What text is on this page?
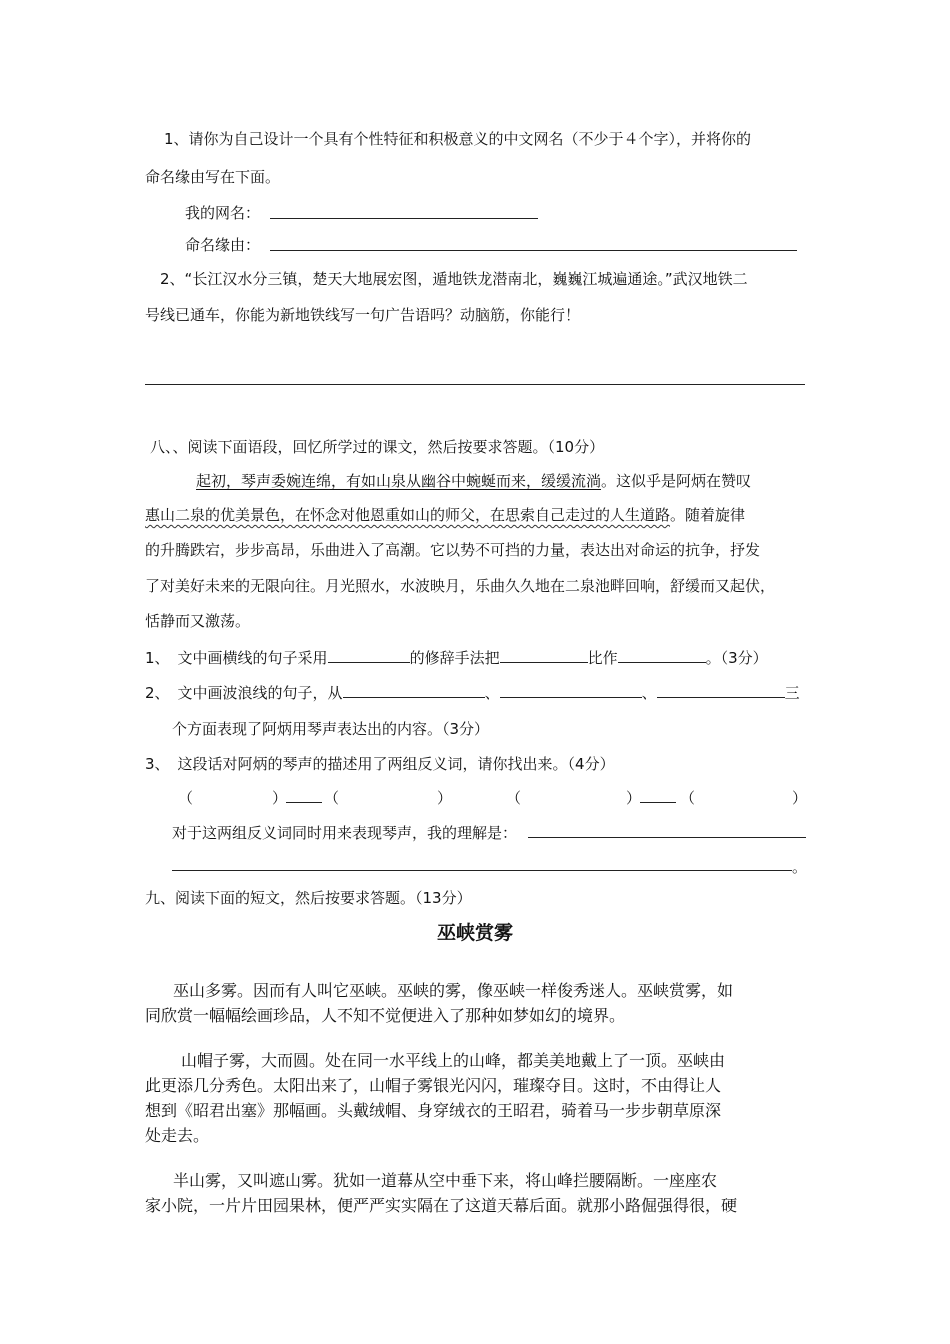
1、请你为自己设计一个具有个性特征和积极意义的中文网名（不少于４个字），并将你的
命名缘由写在下面。
我的网名：
命名缘由：
2、“长江汉水分三镇，楚天大地展宏图，遁地铁龙潜南北，巍巍江城遍通途。”武汉地铁二
号线已通车，你能为新地铁线写一句广告语吗？动脑筋，你能行！
八、、阅读下面语段，回忆所学过的课文，然后按要求答题。（10分）
起初，琴声委婉连绵，有如山泉从幽谷中蜿蜒而来，缓缓流淌。这似乎是阿炳在赞叹
惠山二泉的优美景色，在怀念对他恩重如山的师父，在思索自己走过的人生道路。随着旋律
的升腾跌宕，步步高昂，乐曲进入了高潮。它以势不可挡的力量，表达出对命运的抗争，抒发
了对美好未来的无限向往。月光照水，水波映月，乐曲久久地在二泉池畔回响，舒缓而又起伏，
恬静而又激荡。
1、 文中画横线的句子采用	的修辞手法把	比作	。（3分）
2、 文中画波浪线的句子，从	、	、	三
个方面表现了阿炳用琴声表达出的内容。（3分）
3、 这段话对阿炳的琴声的描述用了两组反义词，请你找出来。（4分）
（	） （	）	（	）	（	）
对于这两组反义词同时用来表现琴声，我的理解是：
。
九、阅读下面的短文，然后按要求答题。（13分）
巫峡赏雾
巫山多雾。因而有人叫它巫峡。巫峡的雾，像巫峡一样俊秀迷人。巫峡赏雾，如
同欣赏一幅幅绘画珍品，人不知不觉便进入了那种如梦如幻的境界。
山帽子雾，大而圆。处在同一水平线上的山峰，都美美地戴上了一顶。巫峡由
此更添几分秀色。太阳出来了，山帽子雾银光闪闪，璀璨夺目。这时，不由得让人
想到《昭君出塞》那幅画。头戴绒帽、身穿绒衣的王昭君，骑着马一步步朝草原深
处走去。
半山雾，又叫遮山雾。犹如一道幕从空中垂下来，将山峰拦腰隔断。一座座农
家小院，一片片田园果林，便严严实实隔在了这道天幕后面。就那小路倔强得很，硬
